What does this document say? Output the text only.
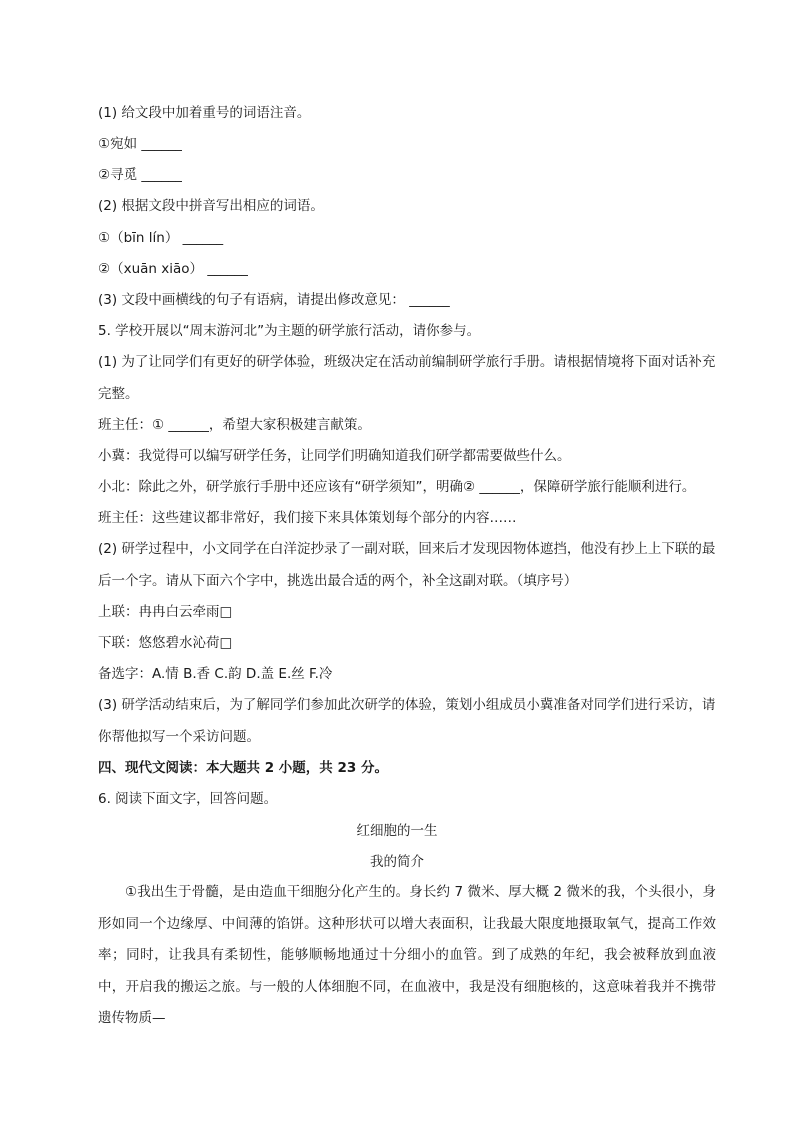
(1) 给文段中加着重号的词语注音。
①宛如 ______
②寻觅 ______
(2) 根据文段中拼音写出相应的词语。
①（bīn lín） ______
②（xuān xiāo） ______
(3) 文段中画横线的句子有语病，请提出修改意见： ______
5. 学校开展以“周末游河北”为主题的研学旅行活动，请你参与。
(1) 为了让同学们有更好的研学体验，班级决定在活动前编制研学旅行手册。请根据情境将下面对话补充
完整。
班主任：① ______，希望大家积极建言献策。
小冀：我觉得可以编写研学任务，让同学们明确知道我们研学都需要做些什么。
小北：除此之外，研学旅行手册中还应该有“研学须知”，明确② ______，保障研学旅行能顺利进行。
班主任：这些建议都非常好，我们接下来具体策划每个部分的内容……
(2) 研学过程中，小文同学在白洋淀抄录了一副对联，回来后才发现因物体遮挡，他没有抄上上下联的最
后一个字。请从下面六个字中，挑选出最合适的两个，补全这副对联。（填序号）
上联：冉冉白云牵雨□
下联：悠悠碧水沁荷□
备选字：A.情 B.香 C.韵 D.盖 E.丝 F.冷
(3) 研学活动结束后，为了解同学们参加此次研学的体验，策划小组成员小冀准备对同学们进行采访，请
你帮他拟写一个采访问题。
四、现代文阅读：本大题共 2 小题，共 23 分。
6. 阅读下面文字，回答问题。
红细胞的一生
我的简介
①我出生于骨髓，是由造血干细胞分化产生的。身长约 7 微米、厚大概 2 微米的我，个头很小，身形如同一个边缘厚、中间薄的馅饼。这种形状可以增大表面积，让我最大限度地摄取氧气，提高工作效率；同时，让我具有柔韧性，能够顺畅地通过十分细小的血管。到了成熟的年纪，我会被释放到血液中，开启我的搬运之旅。与一般的人体细胞不同，在血液中，我是没有细胞核的，这意味着我并不携带遗传物质—
